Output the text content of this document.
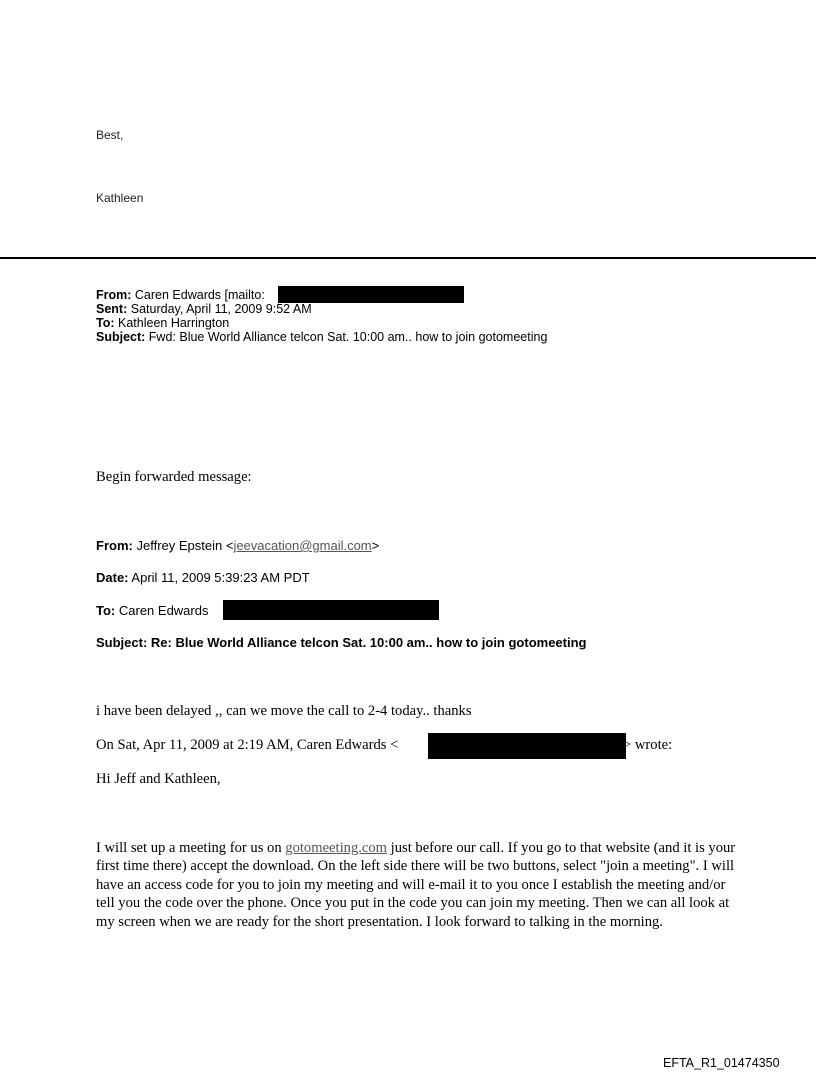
Best,
Kathleen
From: Caren Edwards [mailto:
Sent: Saturday, April 11, 2009 9:52 AM
To: Kathleen Harrington
Subject: Fwd: Blue World Alliance telcon Sat. 10:00 am.. how to join gotomeeting
Begin forwarded message:
From: Jeffrey Epstein <jeevacation@gmail.com>
Date: April 11, 2009 5:39:23 AM PDT
To: Caren Edwards
Subject: Re: Blue World Alliance telcon Sat. 10:00 am.. how to join gotomeeting
i have been delayed ,, can we move the call to 2-4 today.. thanks
On Sat, Apr 11, 2009 at 2:19 AM, Caren Edwards <	> wrote:
Hi Jeff and Kathleen,
I will set up a meeting for us on gotomeeting.com just before our call. If you go to that website (and it is your first time there) accept the download. On the left side there will be two buttons, select "join a meeting". I will have an access code for you to join my meeting and will e-mail it to you once I establish the meeting and/or tell you the code over the phone. Once you put in the code you can join my meeting. Then we can all look at my screen when we are ready for the short presentation. I look forward to talking in the morning.
EFTA_R1_01474350
